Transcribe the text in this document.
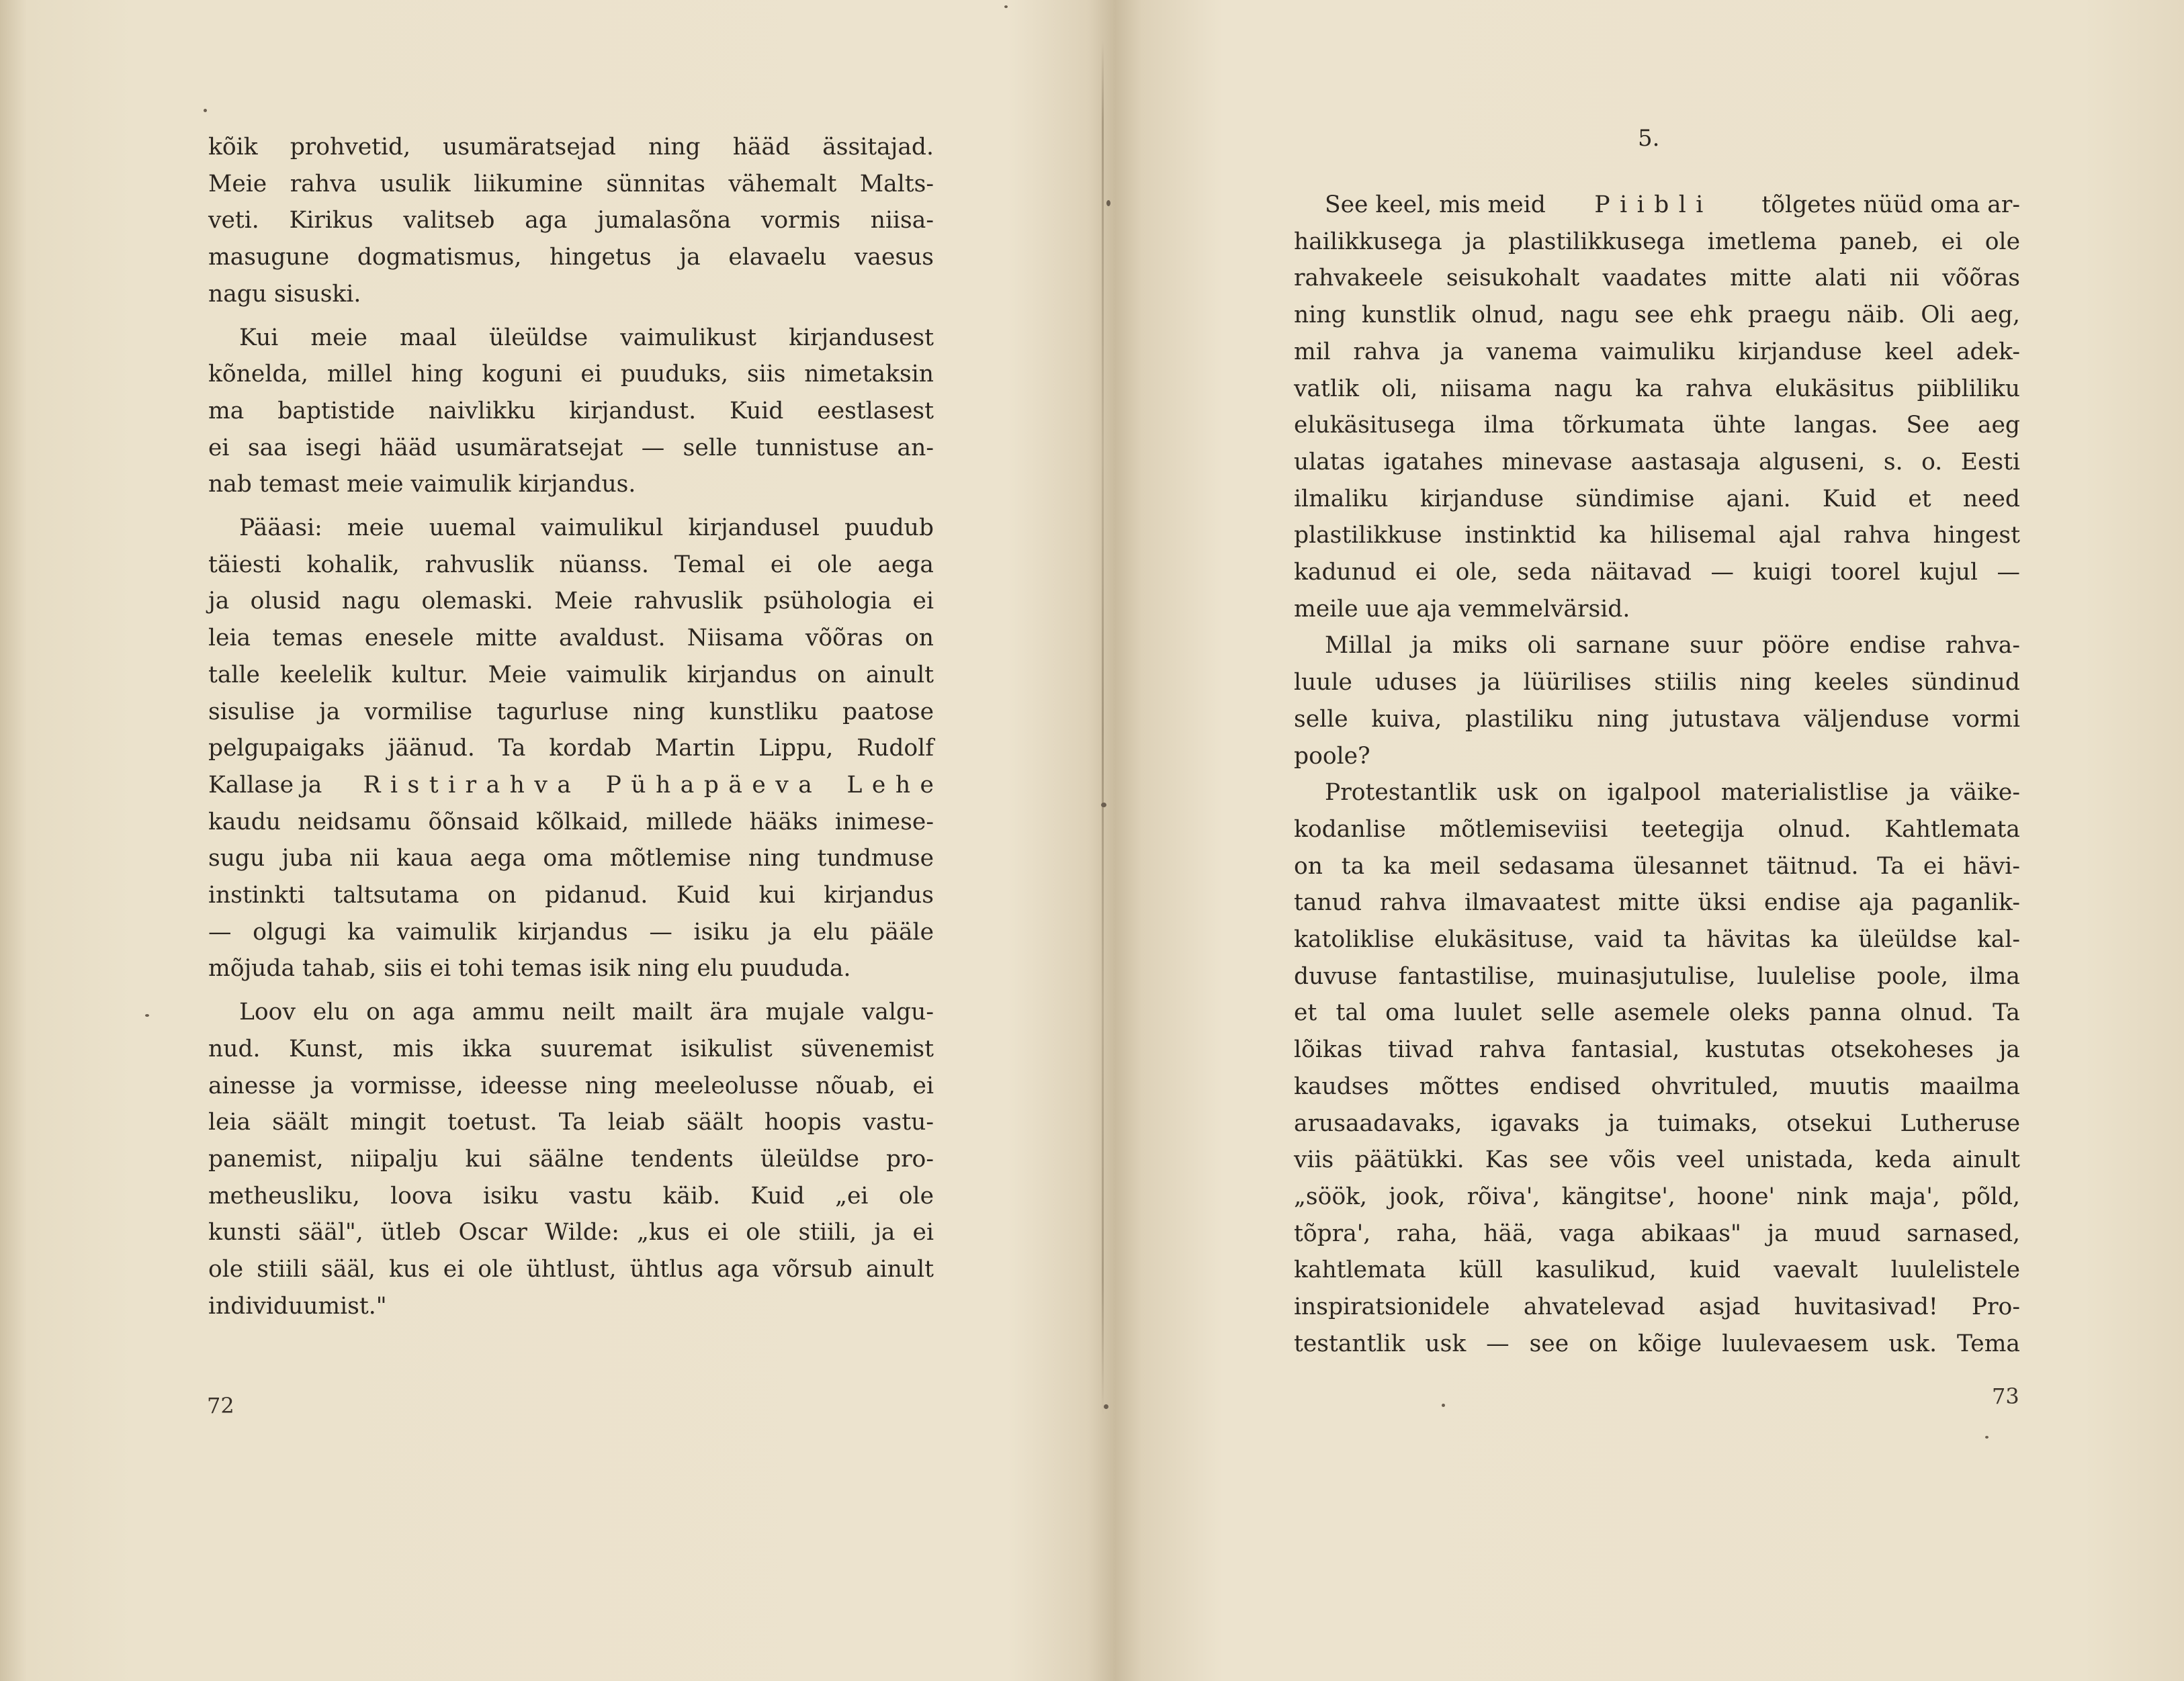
kõik prohvetid, usumäratsejad ning hääd ässitajad.
Meie rahva usulik liikumine sünnitas vähemalt Malts-
veti. Kirikus valitseb aga jumalasõna vormis niisa-
masugune dogmatismus, hingetus ja elavaelu vaesus
nagu sisuski.
Kui meie maal üleüldse vaimulikust kirjandusest
kõnelda, millel hing koguni ei puuduks, siis nimetaksin
ma baptistide naivlikku kirjandust. Kuid eestlasest
ei saa isegi hääd usumäratsejat — selle tunnistuse an-
nab temast meie vaimulik kirjandus.
Pääasi: meie uuemal vaimulikul kirjandusel puudub
täiesti kohalik, rahvuslik nüanss. Temal ei ole aega
ja olusid nagu olemaski. Meie rahvuslik psühologia ei
leia temas enesele mitte avaldust. Niisama võõras on
talle keelelik kultur. Meie vaimulik kirjandus on ainult
sisulise ja vormilise tagurluse ning kunstliku paatose
pelgupaigaks jäänud. Ta kordab Martin Lippu, Rudolf
Kallase ja Ristirahva Pühapäeva Lehe
kaudu neidsamu õõnsaid kõlkaid, millede hääks inimese-
sugu juba nii kaua aega oma mõtlemise ning tundmuse
instinkti taltsutama on pidanud. Kuid kui kirjandus
— olgugi ka vaimulik kirjandus — isiku ja elu pääle
mõjuda tahab, siis ei tohi temas isik ning elu puududa.
Loov elu on aga ammu neilt mailt ära mujale valgu-
nud. Kunst, mis ikka suuremat isikulist süvenemist
ainesse ja vormisse, ideesse ning meeleolusse nõuab, ei
leia säält mingit toetust. Ta leiab säält hoopis vastu-
panemist, niipalju kui säälne tendents üleüldse pro-
metheusliku, loova isiku vastu käib. Kuid „ei ole
kunsti sääl", ütleb Oscar Wilde: „kus ei ole stiili, ja ei
ole stiili sääl, kus ei ole ühtlust, ühtlus aga võrsub ainult
individuumist."
72
5.
See keel, mis meid Piibli tõlgetes nüüd oma ar-
hailikkusega ja plastilikkusega imetlema paneb, ei ole
rahvakeele seisukohalt vaadates mitte alati nii võõras
ning kunstlik olnud, nagu see ehk praegu näib. Oli aeg,
mil rahva ja vanema vaimuliku kirjanduse keel adek-
vatlik oli, niisama nagu ka rahva elukäsitus piibliliku
elukäsitusega ilma tõrkumata ühte langas. See aeg
ulatas igatahes minevase aastasaja alguseni, s. o. Eesti
ilmaliku kirjanduse sündimise ajani. Kuid et need
plastilikkuse instinktid ka hilisemal ajal rahva hingest
kadunud ei ole, seda näitavad — kuigi toorel kujul —
meile uue aja vemmelvärsid.
Millal ja miks oli sarnane suur pööre endise rahva-
luule uduses ja lüürilises stiilis ning keeles sündinud
selle kuiva, plastiliku ning jutustava väljenduse vormi
poole?
Protestantlik usk on igalpool materialistlise ja väike-
kodanlise mõtlemiseviisi teetegija olnud. Kahtlemata
on ta ka meil sedasama ülesannet täitnud. Ta ei hävi-
tanud rahva ilmavaatest mitte üksi endise aja paganlik-
katoliklise elukäsituse, vaid ta hävitas ka üleüldse kal-
duvuse fantastilise, muinasjutulise, luulelise poole, ilma
et tal oma luulet selle asemele oleks panna olnud. Ta
lõikas tiivad rahva fantasial, kustutas otsekoheses ja
kaudses mõttes endised ohvrituled, muutis maailma
arusaadavaks, igavaks ja tuimaks, otsekui Lutheruse
viis päätükki. Kas see võis veel unistada, keda ainult
„söök, jook, rõiva', kängitse', hoone' nink maja', põld,
tõpra', raha, hää, vaga abikaas" ja muud sarnased,
kahtlemata küll kasulikud, kuid vaevalt luulelistele
inspiratsionidele ahvatelevad asjad huvitasivad! Pro-
testantlik usk — see on kõige luulevaesem usk. Tema
73
